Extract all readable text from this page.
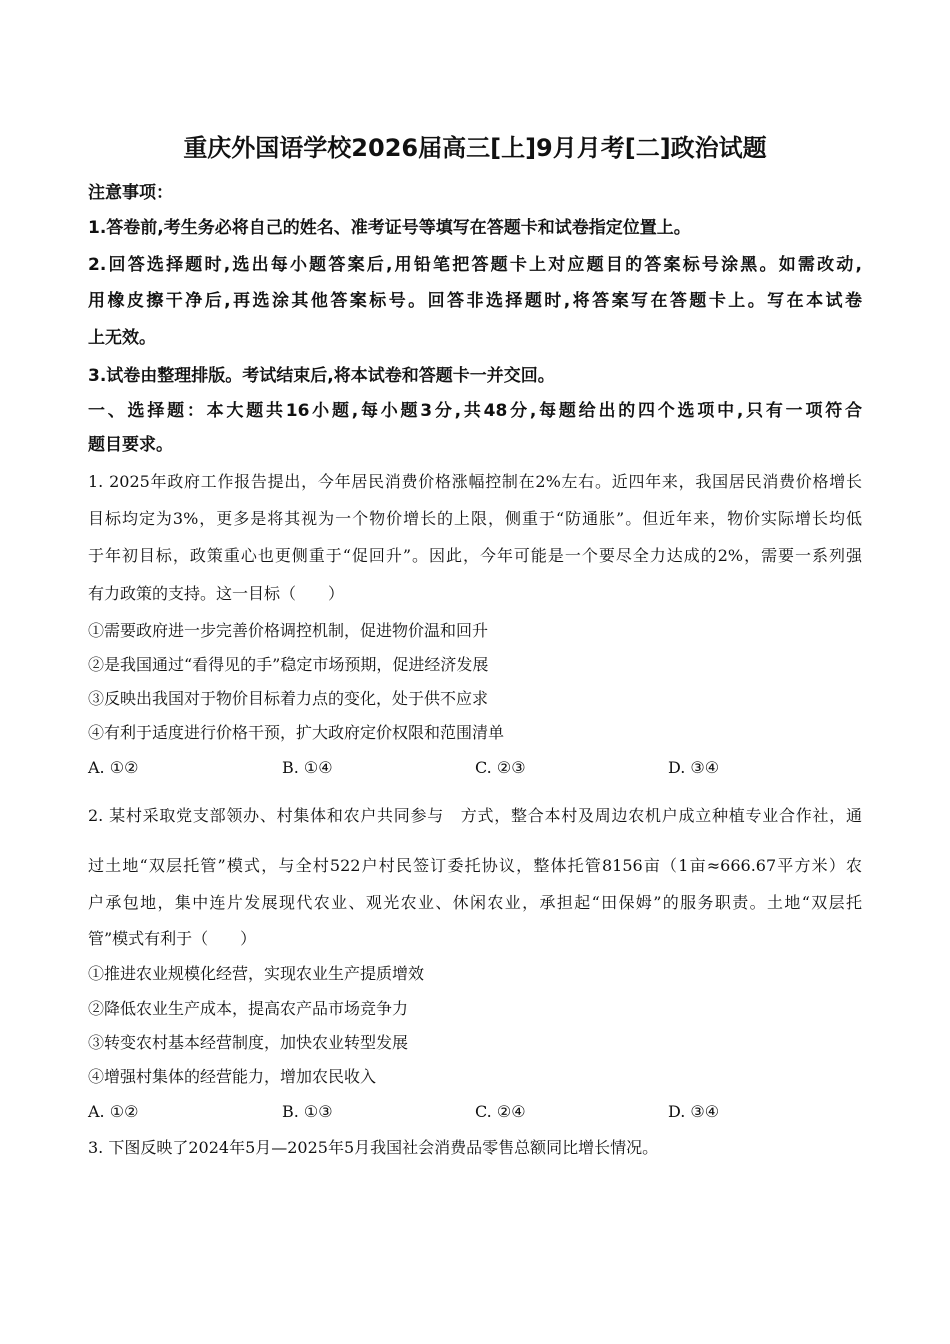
重庆外国语学校2026届高三[上]9月月考[二]政治试题
注意事项：
1.答卷前,考生务必将自己的姓名、准考证号等填写在答题卡和试卷指定位置上。
2.回答选择题时,选出每小题答案后,用铅笔把答题卡上对应题目的答案标号涂黑。如需改动,
用橡皮擦干净后,再选涂其他答案标号。回答非选择题时,将答案写在答题卡上。写在本试卷
上无效。
3.试卷由整理排版。考试结束后,将本试卷和答题卡一并交回。
一、选择题：本大题共16小题,每小题3分,共48分,每题给出的四个选项中,只有一项符合
题目要求。
1. 2025年政府工作报告提出，今年居民消费价格涨幅控制在2%左右。近四年来，我国居民消费价格增长
目标均定为3%，更多是将其视为一个物价增长的上限，侧重于“防通胀”。但近年来，物价实际增长均低
于年初目标，政策重心也更侧重于“促回升”。因此，今年可能是一个要尽全力达成的2%，需要一系列强
有力政策的支持。这一目标（　　）
①需要政府进一步完善价格调控机制，促进物价温和回升
②是我国通过“看得见的手”稳定市场预期，促进经济发展
③反映出我国对于物价目标着力点的变化，处于供不应求
④有利于适度进行价格干预，扩大政府定价权限和范围清单
A. ①②	B. ①④	C. ②③	D. ③④
2. 某村采取党支部领办、村集体和农户共同参与　方式，整合本村及周边农机户成立种植专业合作社，通
过土地“双层托管”模式，与全村522户村民签订委托协议，整体托管8156亩（1亩≈666.67平方米）农
户承包地，集中连片发展现代农业、观光农业、休闲农业，承担起“田保姆”的服务职责。土地“双层托
管”模式有利于（　　）
①推进农业规模化经营，实现农业生产提质增效
②降低农业生产成本，提高农产品市场竞争力
③转变农村基本经营制度，加快农业转型发展
④增强村集体的经营能力，增加农民收入
A. ①②	B. ①③	C. ②④	D. ③④
3. 下图反映了2024年5月—2025年5月我国社会消费品零售总额同比增长情况。
